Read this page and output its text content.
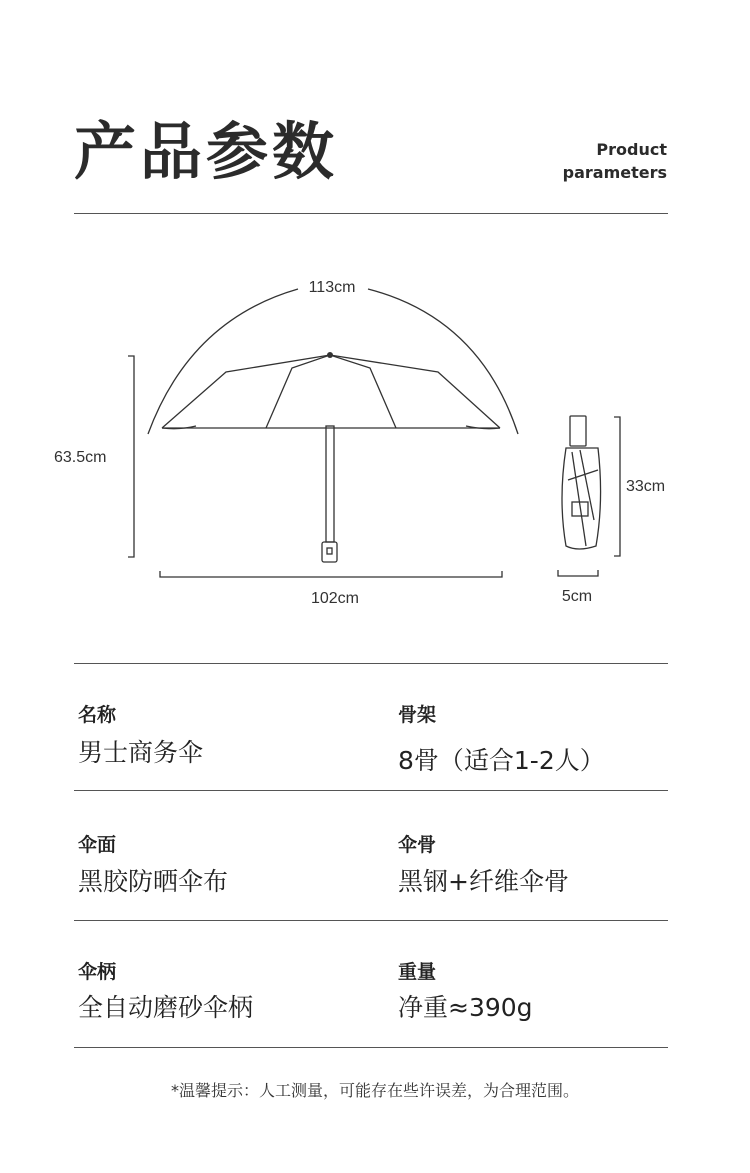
产品参数	Product
parameters
113cm
63.5cm
102cm
33cm
5cm
名称
男士商务伞
骨架
8骨（适合1-2人）
伞面
黑胶防晒伞布
伞骨
黑钢+纤维伞骨
伞柄
全自动磨砂伞柄
重量
净重≈390g
*温馨提示：人工测量，可能存在些许误差，为合理范围。
